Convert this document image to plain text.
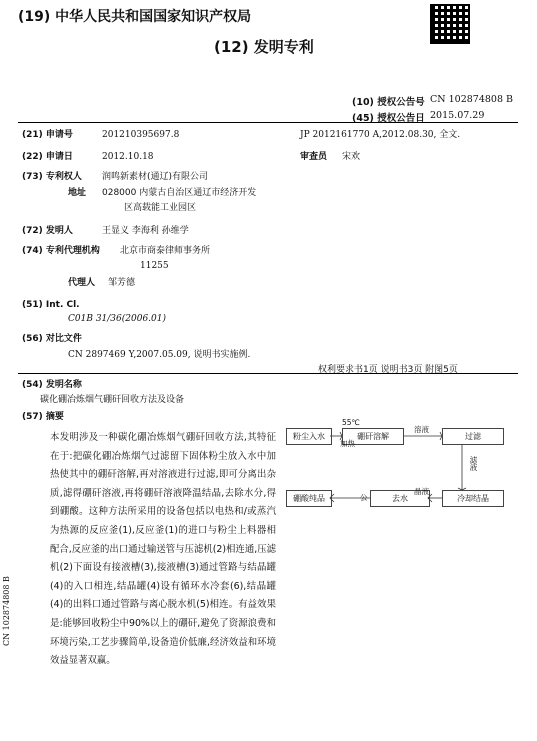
(19) 中华人民共和国国家知识产权局
(12) 发明专利
(10) 授权公告号 CN 102874808 B
(45) 授权公告日 2015.07.29
(21) 申请号	201210395697.8
(22) 申请日	2012.10.18
(73) 专利权人 润鸣新素材(通辽)有限公司
地址 028000 内蒙古自治区通辽市经济开发
区高载能工业园区
(72) 发明人	王显义 李海利 孙维学
(74) 专利代理机构 北京市商泰律师事务所
11255
代理人 邹芳德
(51) Int. Cl.
C01B 31/36(2006.01)
(56) 对比文件
CN 2897469 Y,2007.05.09, 说明书实施例.
JP 2012161770 A,2012.08.30, 全文.
审查员 宋欢
权利要求书1页 说明书3页 附图5页
(54) 发明名称
碳化硼冶炼烟气硼矸回收方法及设备
(57) 摘要
本发明涉及一种碳化硼冶炼烟气硼矸回收方法,其特征在于:把碳化硼冶炼烟气过滤留下固体粉尘放入水中加热使其中的硼矸溶解,再对溶液进行过滤,即可分离出杂质,滤得硼矸溶液,再将硼矸溶液降温结晶,去除水分,得到硼酸。这种方法所采用的设备包括以电热和/或蒸汽为热源的反应釜(1),反应釜(1)的进口与粉尘上料器相配合,反应釜的出口通过输送管与压滤机(2)相连通,压滤机(2)下面设有接液槽(3),接液槽(3)通过管路与结晶罐(4)的入口相连,结晶罐(4)设有循环水冷套(6),结晶罐(4)的出料口通过管路与离心脱水机(5)相连。有益效果是:能够回收粉尘中90%以上的硼矸,避免了资源浪费和环境污染,工艺步骤简单,设备造价低廉,经济效益和环境效益显著双赢。
粉尘入水	硼矸溶解	过滤
冷却结晶
去水
硼酸纯品
55℃
加热
溶液
滤液
晶液
公
CN 102874808 B
